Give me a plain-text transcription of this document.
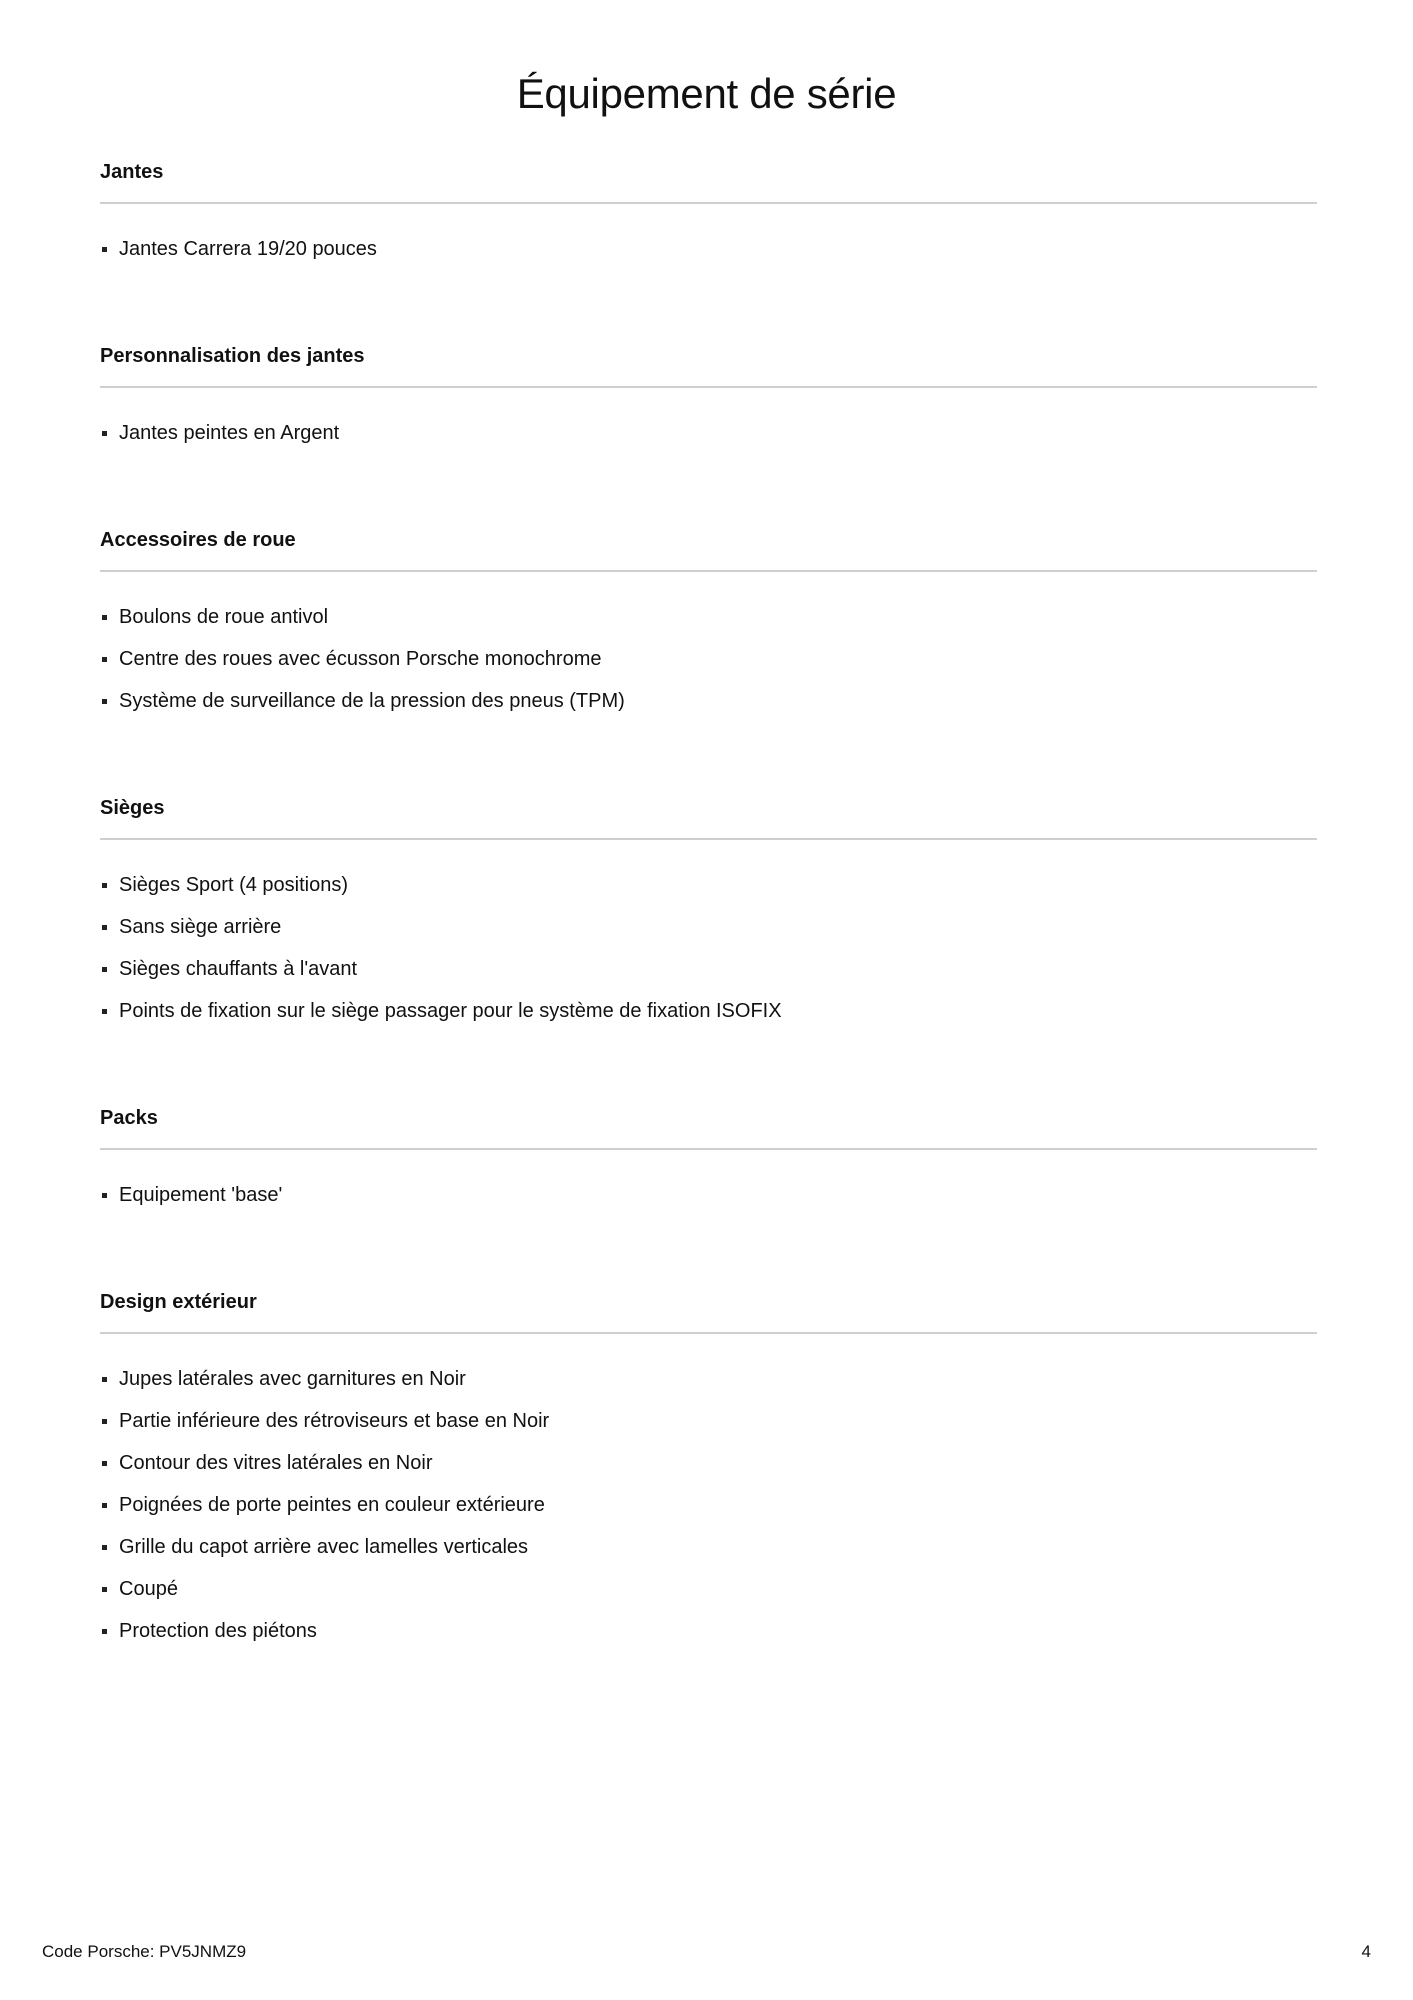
Équipement de série
Jantes
Jantes Carrera 19/20 pouces
Personnalisation des jantes
Jantes peintes en Argent
Accessoires de roue
Boulons de roue antivol
Centre des roues avec écusson Porsche monochrome
Système de surveillance de la pression des pneus (TPM)
Sièges
Sièges Sport (4 positions)
Sans siège arrière
Sièges chauffants à l'avant
Points de fixation sur le siège passager pour le système de fixation ISOFIX
Packs
Equipement 'base'
Design extérieur
Jupes latérales avec garnitures en Noir
Partie inférieure des rétroviseurs et base en Noir
Contour des vitres latérales en Noir
Poignées de porte peintes en couleur extérieure
Grille du capot arrière avec lamelles verticales
Coupé
Protection des piétons
Code Porsche: PV5JNMZ9	4
